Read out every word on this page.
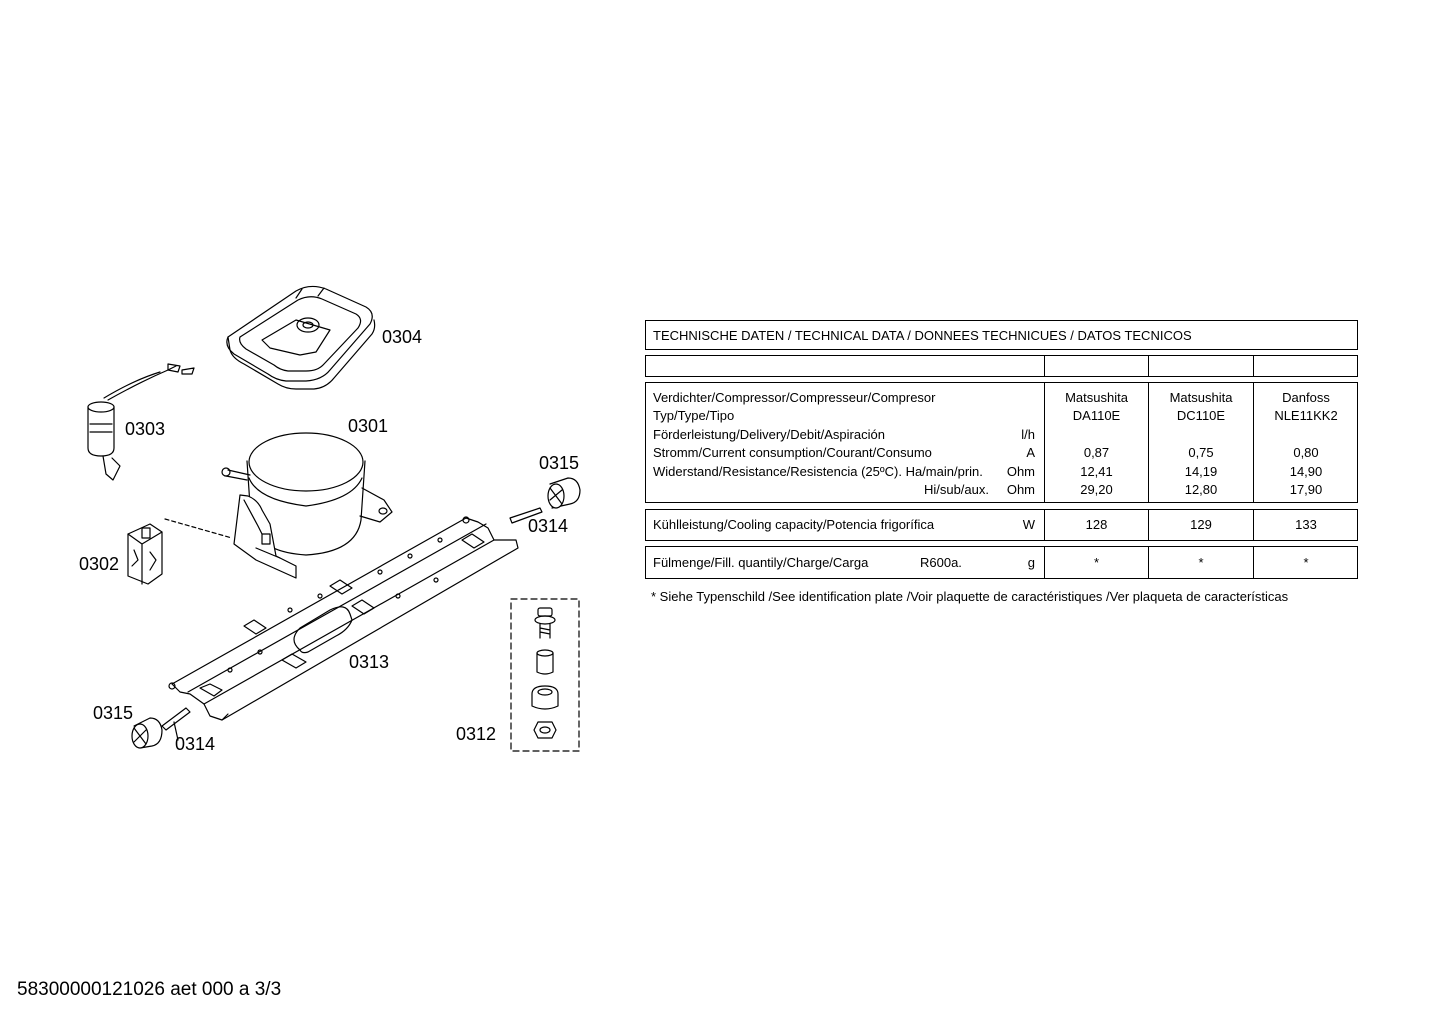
0304
0303	0301
0315
0314
0302
0313
0315
0314	0312
TECHNISCHE DATEN / TECHNICAL DATA / DONNEES TECHNICUES / DATOS TECNICOS
Verdichter/Compressor/Compresseur/Compresor	Matsushita	Matsushita	Danfoss
Typ/Type/Tipo	DA110E	DC110E	NLE11KK2
Förderleistung/Delivery/Debit/Aspiración	l/h
Stromm/Current consumption/Courant/Consumo	A	0,87	0,75	0,80
Widerstand/Resistance/Resistencia (25ºC). Ha/main/prin. Ohm	12,41	14,19	14,90
Hi/sub/aux. Ohm	29,20	12,80	17,90
Kühlleistung/Cooling capacity/Potencia frigorífica	W	128	129	133
Fülmenge/Fill. quantily/Charge/Carga	R600a.	g	*	*	*
* Siehe Typenschild /See identification plate /Voir plaquette de caractéristiques /Ver plaqueta de características
58300000121026 aet 000 a 3/3
